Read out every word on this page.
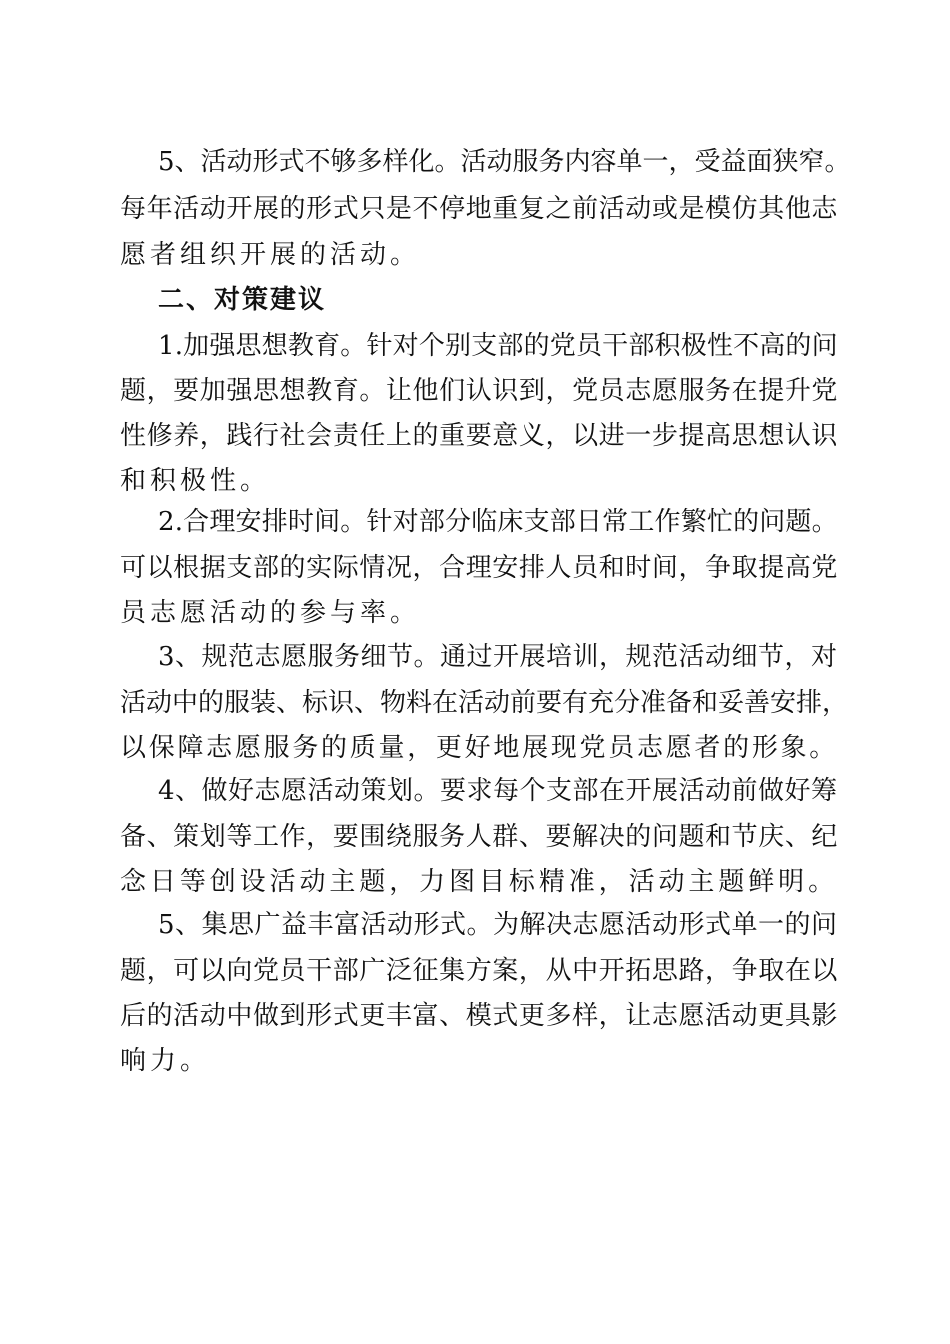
5、活动形式不够多样化。活动服务内容单一，受益面狭窄。
每年活动开展的形式只是不停地重复之前活动或是模仿其他志
愿者组织开展的活动。
二、对策建议
1.加强思想教育。针对个别支部的党员干部积极性不高的问
题，要加强思想教育。让他们认识到，党员志愿服务在提升党
性修养，践行社会责任上的重要意义，以进一步提高思想认识
和积极性。
2.合理安排时间。针对部分临床支部日常工作繁忙的问题。
可以根据支部的实际情况，合理安排人员和时间，争取提高党
员志愿活动的参与率。
3、规范志愿服务细节。通过开展培训，规范活动细节，对
活动中的服装、标识、物料在活动前要有充分准备和妥善安排，
以保障志愿服务的质量，更好地展现党员志愿者的形象。
4、做好志愿活动策划。要求每个支部在开展活动前做好筹
备、策划等工作，要围绕服务人群、要解决的问题和节庆、纪
念日等创设活动主题，力图目标精准，活动主题鲜明。
5、集思广益丰富活动形式。为解决志愿活动形式单一的问
题，可以向党员干部广泛征集方案，从中开拓思路，争取在以
后的活动中做到形式更丰富、模式更多样，让志愿活动更具影
响力。
